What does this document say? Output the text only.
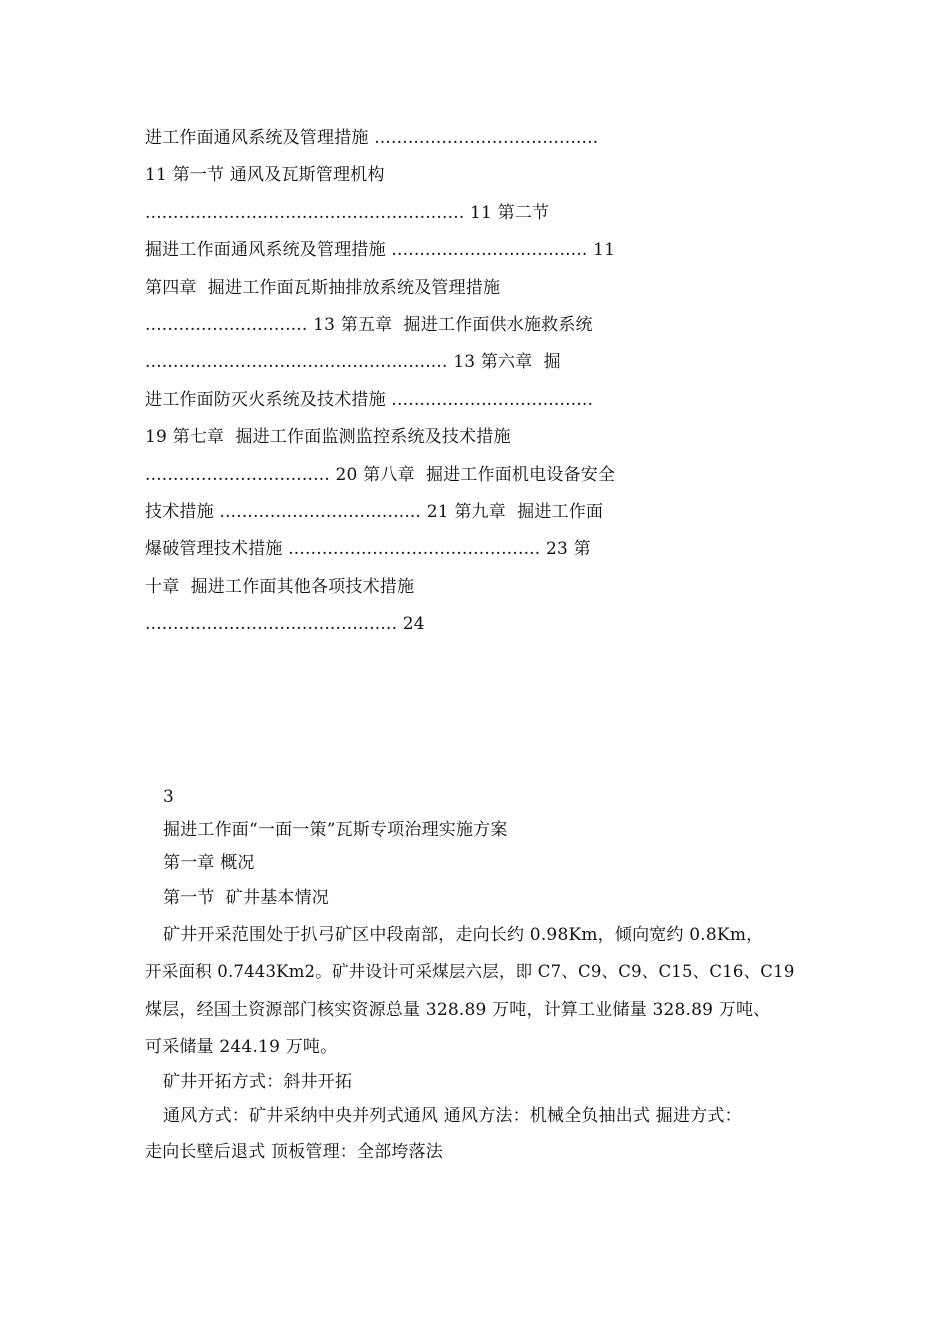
进工作面通风系统及管理措施 ........................................
11 第一节 通风及瓦斯管理机构
......................................................... 11 第二节
掘进工作面通风系统及管理措施 ................................... 11
第四章  掘进工作面瓦斯抽排放系统及管理措施
............................. 13 第五章  掘进工作面供水施救系统
...................................................... 13 第六章  掘
进工作面防灭火系统及技术措施 ....................................
19 第七章  掘进工作面监测监控系统及技术措施
................................. 20 第八章  掘进工作面机电设备安全
技术措施 .................................... 21 第九章  掘进工作面
爆破管理技术措施 ............................................. 23 第
十章  掘进工作面其他各项技术措施
............................................. 24
3
掘进工作面“一面一策”瓦斯专项治理实施方案
第一章 概况
第一节  矿井基本情况
矿井开采范围处于扒弓矿区中段南部，走向长约 0.98Km，倾向宽约 0.8Km，
开采面积 0.7443Km2。矿井设计可采煤层六层，即 C7、C9、C9、C15、C16、C19
煤层，经国土资源部门核实资源总量 328.89 万吨，计算工业储量 328.89 万吨、
可采储量 244.19 万吨。
矿井开拓方式：斜井开拓
通风方式：矿井采纳中央并列式通风 通风方法：机械全负抽出式 掘进方式：
走向长壁后退式 顶板管理：全部垮落法
